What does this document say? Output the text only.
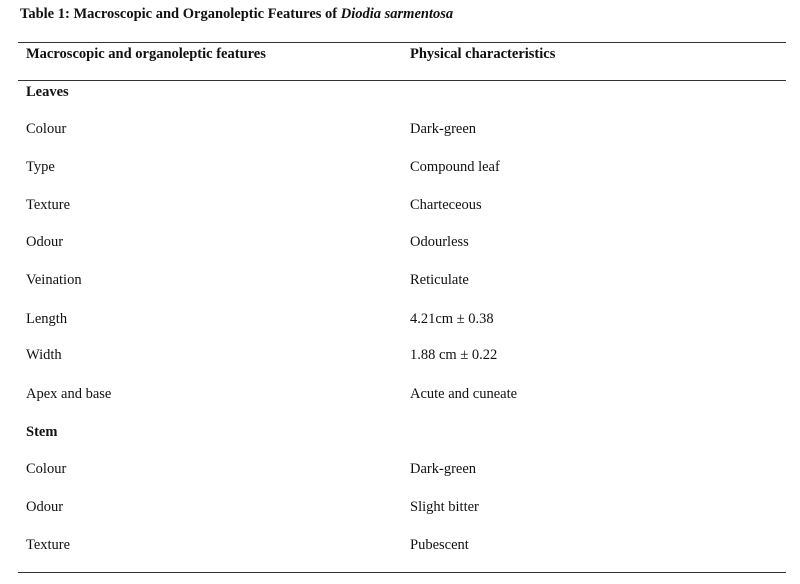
Table 1: Macroscopic and Organoleptic Features of Diodia sarmentosa
Macroscopic and organoleptic features	Physical characteristics
Leaves
Colour	Dark-green
Type	Compound leaf
Texture	Charteceous
Odour	Odourless
Veination	Reticulate
Length	4.21cm ± 0.38
Width	1.88 cm ± 0.22
Apex and base	Acute and cuneate
Stem
Colour	Dark-green
Odour	Slight bitter
Texture	Pubescent
